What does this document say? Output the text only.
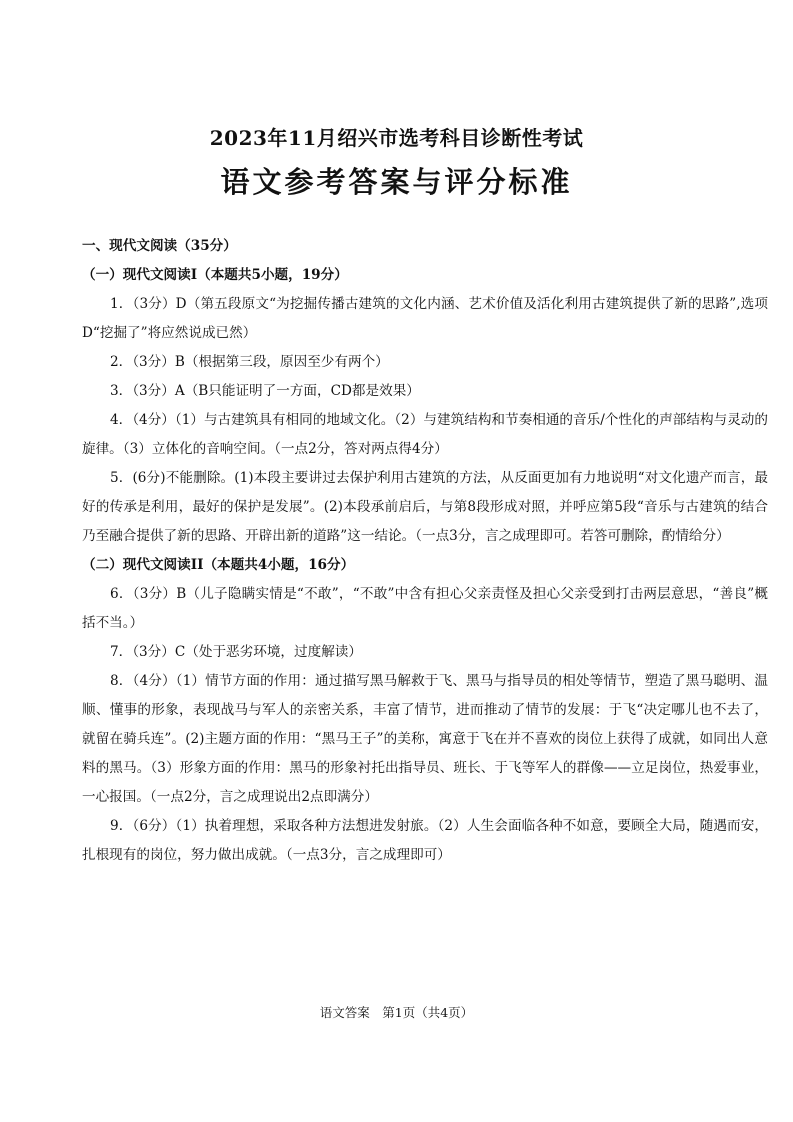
2023年11月绍兴市选考科目诊断性考试
语文参考答案与评分标准

一、现代文阅读（35分）

（一）现代文阅读I（本题共5小题，19分）

1．（3分）D（第五段原文“为挖掘传播古建筑的文化内涵、艺术价值及活化利用古建筑提供了新的思路”,选项D“挖掘了”将应然说成已然）

2．（3分）B（根据第三段，原因至少有两个）

3．（3分）A（B只能证明了一方面，CD都是效果）

4．（4分）（1）与古建筑具有相同的地域文化。（2）与建筑结构和节奏相通的音乐/个性化的声部结构与灵动的旋律。（3）立体化的音响空间。（一点2分，答对两点得4分）

5．(6分)不能删除。(1)本段主要讲过去保护利用古建筑的方法，从反面更加有力地说明“对文化遗产而言，最好的传承是利用，最好的保护是发展”。(2)本段承前启后，与第8段形成对照，并呼应第5段“音乐与古建筑的结合乃至融合提供了新的思路、开辟出新的道路”这一结论。（一点3分，言之成理即可。若答可删除，酌情给分）

（二）现代文阅读II（本题共4小题，16分）

6．（3分）B（儿子隐瞒实情是“不敢”，“不敢”中含有担心父亲责怪及担心父亲受到打击两层意思，“善良”概括不当。）

7．（3分）C（处于恶劣环境，过度解读）

8．（4分）（1）情节方面的作用：通过描写黑马解救于飞、黑马与指导员的相处等情节，塑造了黑马聪明、温顺、懂事的形象，表现战马与军人的亲密关系，丰富了情节，进而推动了情节的发展：于飞“决定哪儿也不去了，就留在骑兵连”。(2)主题方面的作用：“黑马王子”的美称，寓意于飞在并不喜欢的岗位上获得了成就，如同出人意料的黑马。（3）形象方面的作用：黑马的形象衬托出指导员、班长、于飞等军人的群像——立足岗位，热爱事业，一心报国。（一点2分，言之成理说出2点即满分）

9．（6分）（1）执着理想，采取各种方法想进发射旅。（2）人生会面临各种不如意，要顾全大局，随遇而安，扎根现有的岗位，努力做出成就。（一点3分，言之成理即可）

语文答案　第1页（共4页）
